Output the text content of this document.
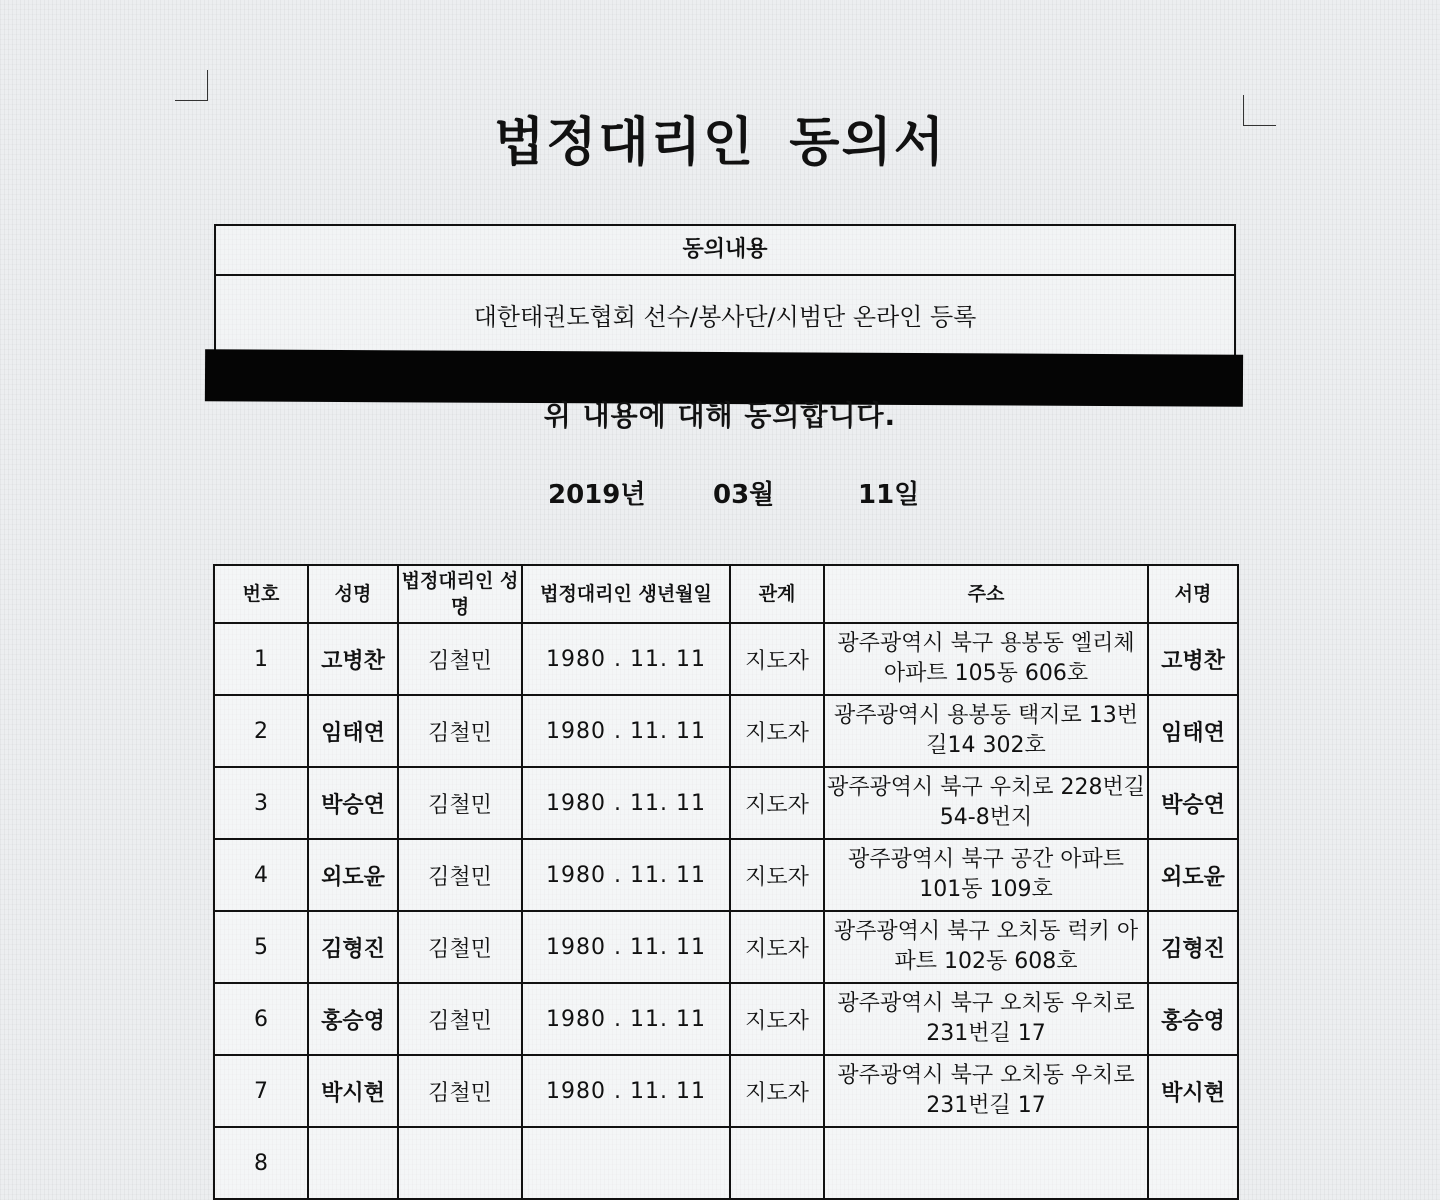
법정대리인 동의서
동의내용
대한태권도협회 선수/봉사단/시범단 온라인 등록
위 내용에 대해 동의합니다.
2019년	03월	11일
번호	성명	법정대리인 성명	법정대리인 생년월일	관계	주소	서명
1	고병찬	김철민	1980 . 11. 11	지도자	광주광역시 북구 용봉동 엘리체 아파트 105동 606호	고병찬
2	임태연	김철민	1980 . 11. 11	지도자	광주광역시 용봉동 택지로 13번길14 302호	임태연
3	박승연	김철민	1980 . 11. 11	지도자	광주광역시 북구 우치로 228번길 54-8번지	박승연
4	외도윤	김철민	1980 . 11. 11	지도자	광주광역시 북구 공간 아파트 101동 109호	외도윤
5	김형진	김철민	1980 . 11. 11	지도자	광주광역시 북구 오치동 럭키 아파트 102동 608호	김형진
6	홍승영	김철민	1980 . 11. 11	지도자	광주광역시 북구 오치동 우치로 231번길 17	홍승영
7	박시현	김철민	1980 . 11. 11	지도자	광주광역시 북구 오치동 우치로 231번길 17	박시현
8						
